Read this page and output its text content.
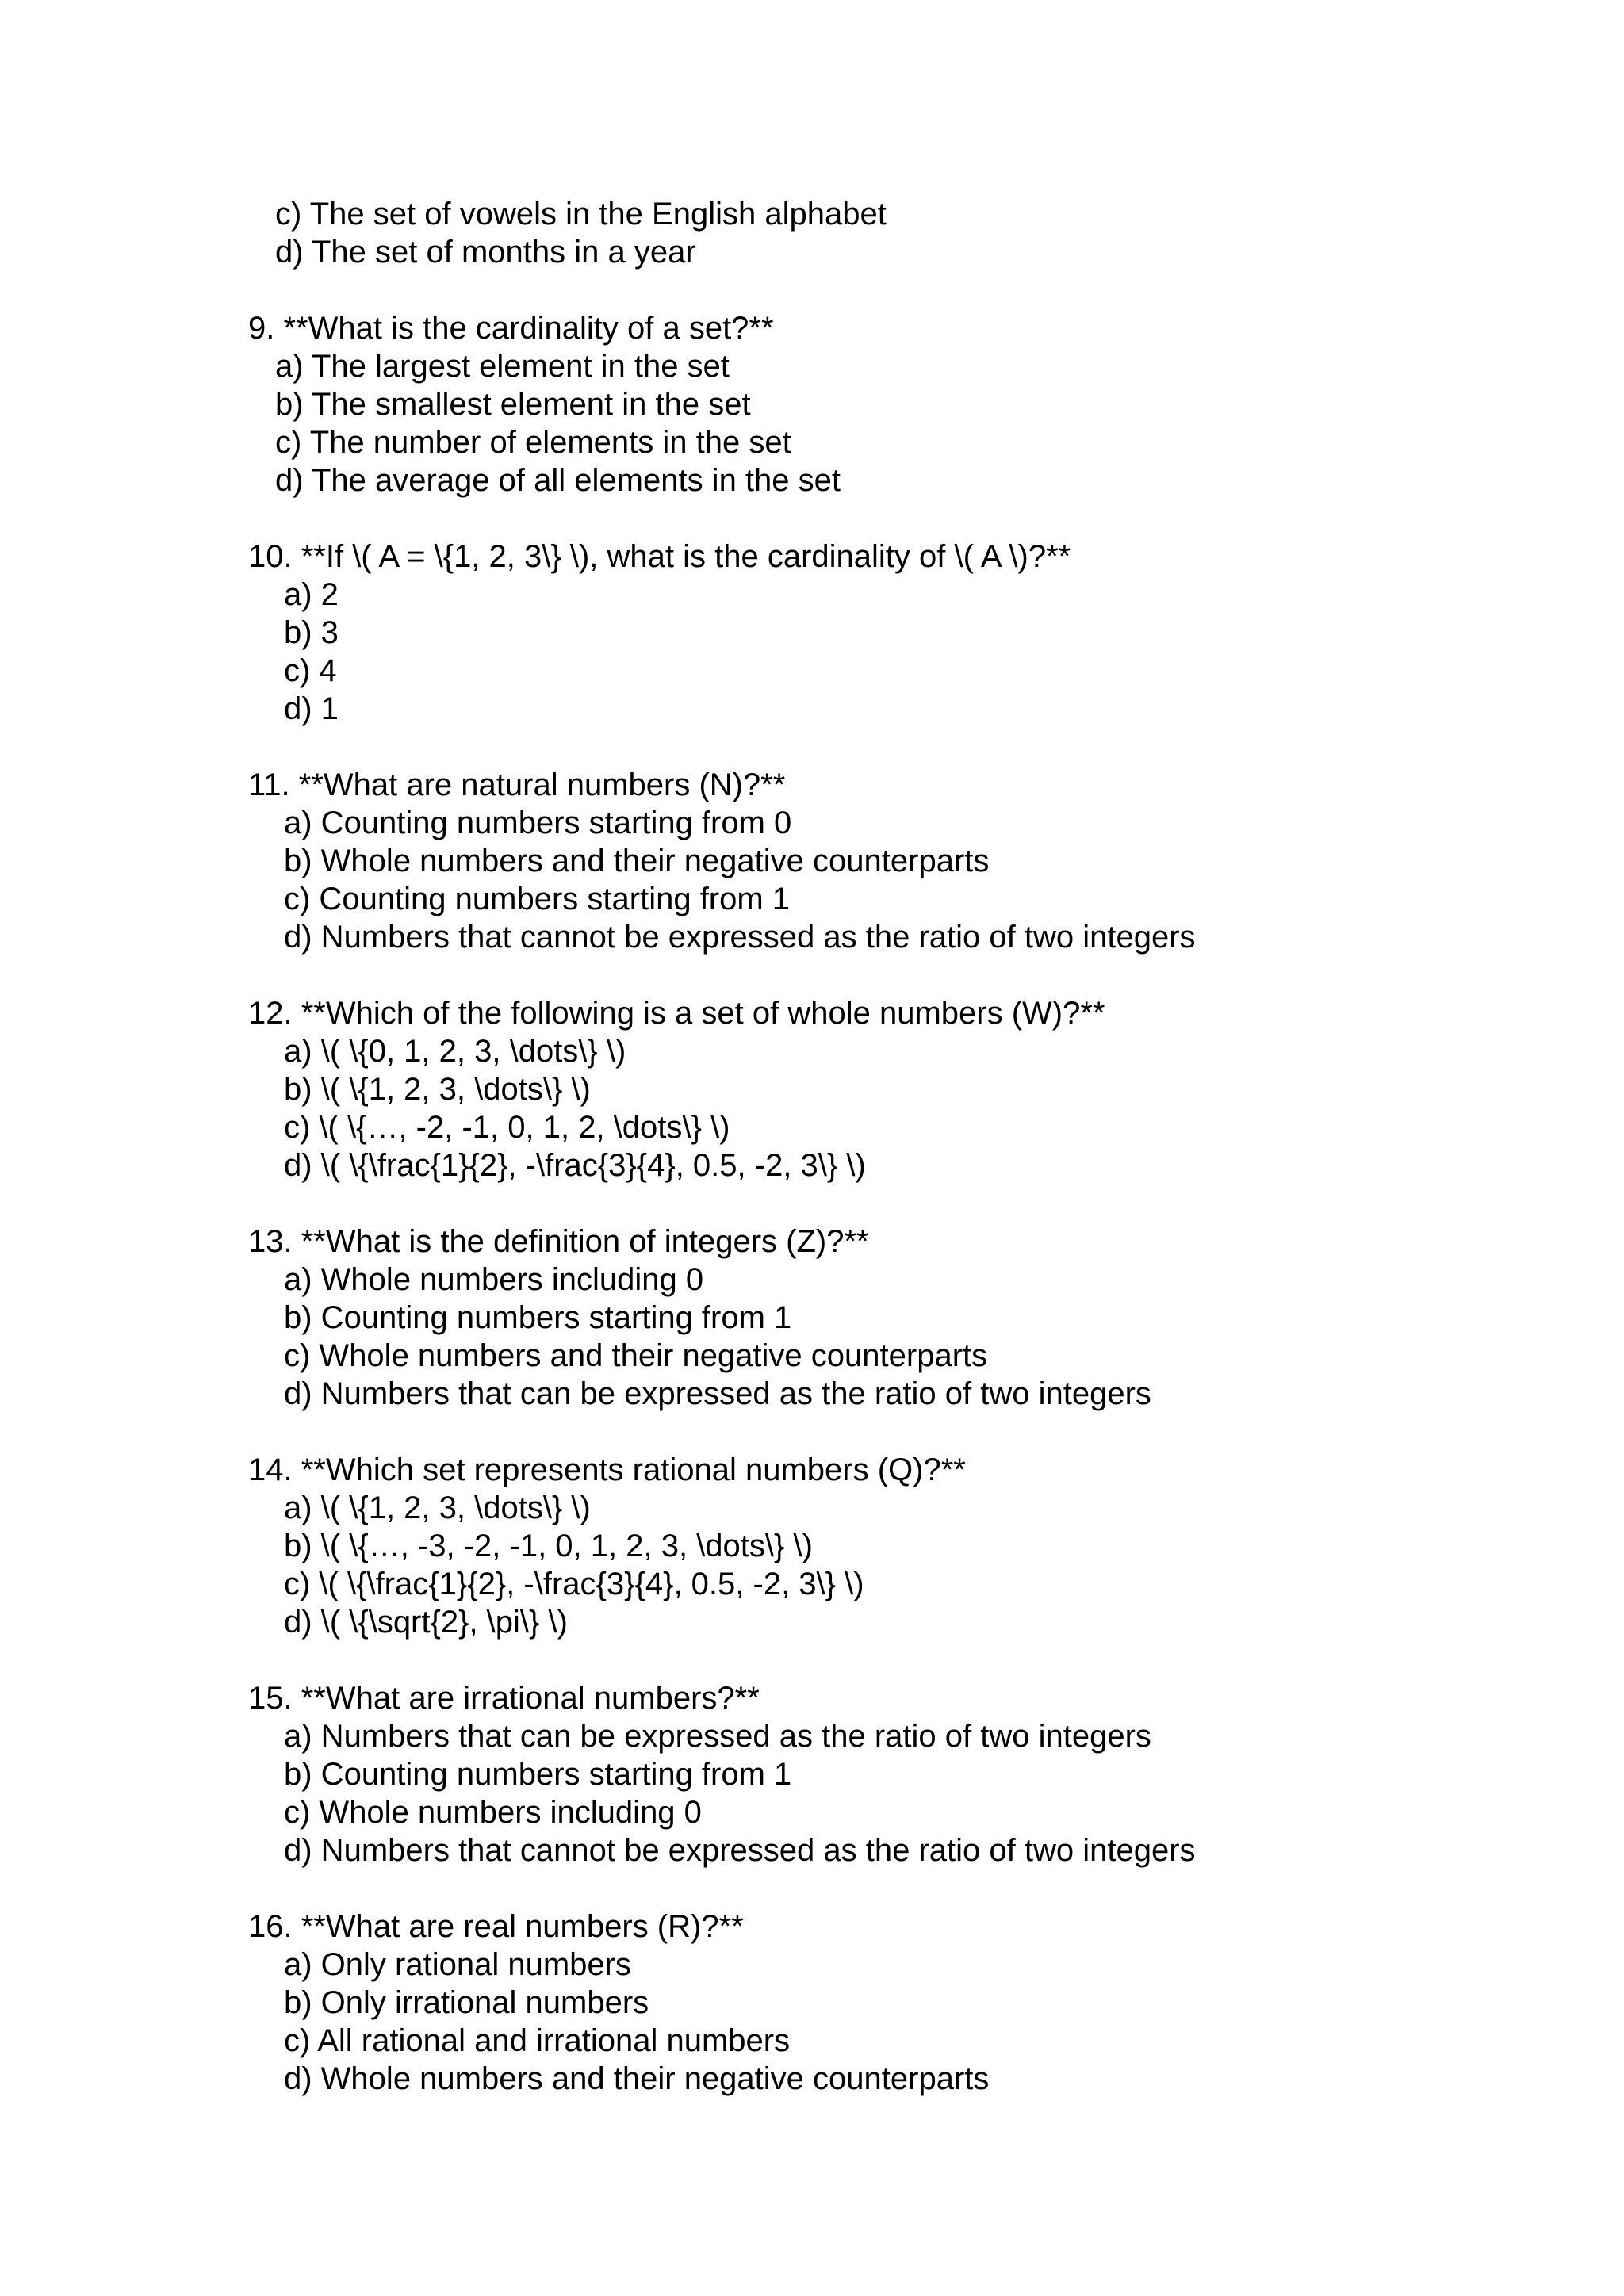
c) The set of vowels in the English alphabet
d) The set of months in a year
9. **What is the cardinality of a set?**
a) The largest element in the set
b) The smallest element in the set
c) The number of elements in the set
d) The average of all elements in the set
10. **If \( A = \{1, 2, 3\} \), what is the cardinality of \( A \)?**
a) 2
b) 3
c) 4
d) 1
11. **What are natural numbers (N)?**
a) Counting numbers starting from 0
b) Whole numbers and their negative counterparts
c) Counting numbers starting from 1
d) Numbers that cannot be expressed as the ratio of two integers
12. **Which of the following is a set of whole numbers (W)?**
a) \( \{0, 1, 2, 3, \dots\} \)
b) \( \{1, 2, 3, \dots\} \)
c) \( \{…, -2, -1, 0, 1, 2, \dots\} \)
d) \( \{\frac{1}{2}, -\frac{3}{4}, 0.5, -2, 3\} \)
13. **What is the definition of integers (Z)?**
a) Whole numbers including 0
b) Counting numbers starting from 1
c) Whole numbers and their negative counterparts
d) Numbers that can be expressed as the ratio of two integers
14. **Which set represents rational numbers (Q)?**
a) \( \{1, 2, 3, \dots\} \)
b) \( \{…, -3, -2, -1, 0, 1, 2, 3, \dots\} \)
c) \( \{\frac{1}{2}, -\frac{3}{4}, 0.5, -2, 3\} \)
d) \( \{\sqrt{2}, \pi\} \)
15. **What are irrational numbers?**
a) Numbers that can be expressed as the ratio of two integers
b) Counting numbers starting from 1
c) Whole numbers including 0
d) Numbers that cannot be expressed as the ratio of two integers
16. **What are real numbers (R)?**
a) Only rational numbers
b) Only irrational numbers
c) All rational and irrational numbers
d) Whole numbers and their negative counterparts
